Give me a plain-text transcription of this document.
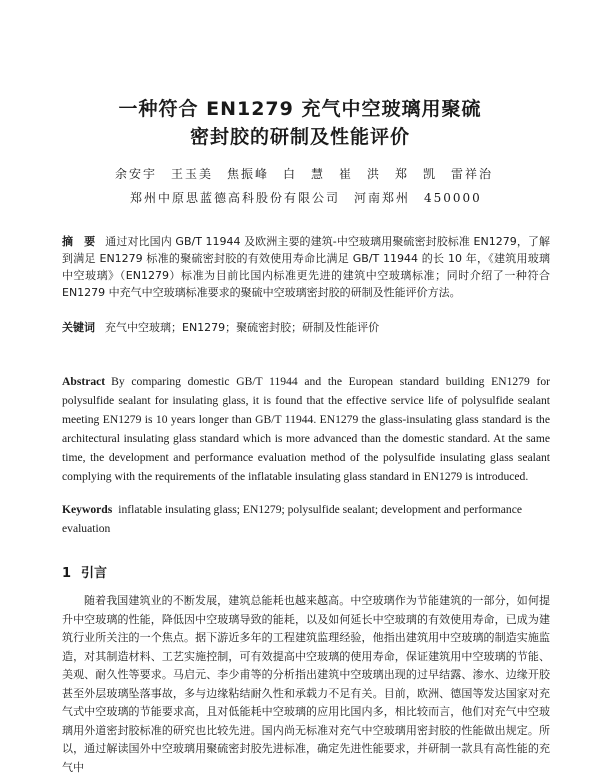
一种符合 EN1279 充气中空玻璃用聚硫
密封胶的研制及性能评价
余安宇　王玉美　焦振峰　白　慧　崔　洪　郑　凯　雷祥治
郑州中原思蓝德高科股份有限公司　河南郑州　450000
摘　要 通过对比国内 GB/T 11944 及欧洲主要的建筑-中空玻璃用聚硫密封胶标准 EN1279，了解到满足 EN1279 标准的聚硫密封胶的有效使用寿命比满足 GB/T 11944 的长 10 年，《建筑用玻璃 中空玻璃》（EN1279）标准为目前比国内标准更先进的建筑中空玻璃标准；同时介绍了一种符合 EN1279 中充气中空玻璃标准要求的聚硫中空玻璃密封胶的研制及性能评价方法。
关键词 充气中空玻璃；EN1279；聚硫密封胶；研制及性能评价
Abstract By comparing domestic GB/T 11944 and the European standard building EN1279 for polysulfide sealant for insulating glass, it is found that the effective service life of polysulfide sealant meeting EN1279 is 10 years longer than GB/T 11944. EN1279 the glass-insulating glass standard is the architectural insulating glass standard which is more advanced than the domestic standard. At the same time, the development and performance evaluation method of the polysulfide insulating glass sealant complying with the requirements of the inflatable insulating glass standard in EN1279 is introduced.
Keywords inflatable insulating glass; EN1279; polysulfide sealant; development and performance evaluation
1 引言
随着我国建筑业的不断发展，建筑总能耗也越来越高。中空玻璃作为节能建筑的一部分，如何提升中空玻璃的性能，降低因中空玻璃导致的能耗，以及如何延长中空玻璃的有效使用寿命，已成为建筑行业所关注的一个焦点。据下游近多年的工程建筑监理经验，他指出建筑用中空玻璃的制造实施监造，对其制造材料、工艺实施控制，可有效提高中空玻璃的使用寿命，保证建筑用中空玻璃的节能、美观、耐久性等要求。马启元、李少甫等的分析指出建筑中空玻璃出现的过早结露、渗水、边缘开胶甚至外层玻璃坠落事故，多与边缘粘结耐久性和承载力不足有关。目前，欧洲、德国等发达国家对充气式中空玻璃的节能要求高，且对低能耗中空玻璃的应用比国内多，相比较而言，他们对充气中空玻璃用外道密封胶标准的研究也比较先进。国内尚无标准对充气中空玻璃用密封胶的性能做出规定。所以，通过解读国外中空玻璃用聚硫密封胶先进标准，确定先进性能要求，并研制一款具有高性能的充气中
